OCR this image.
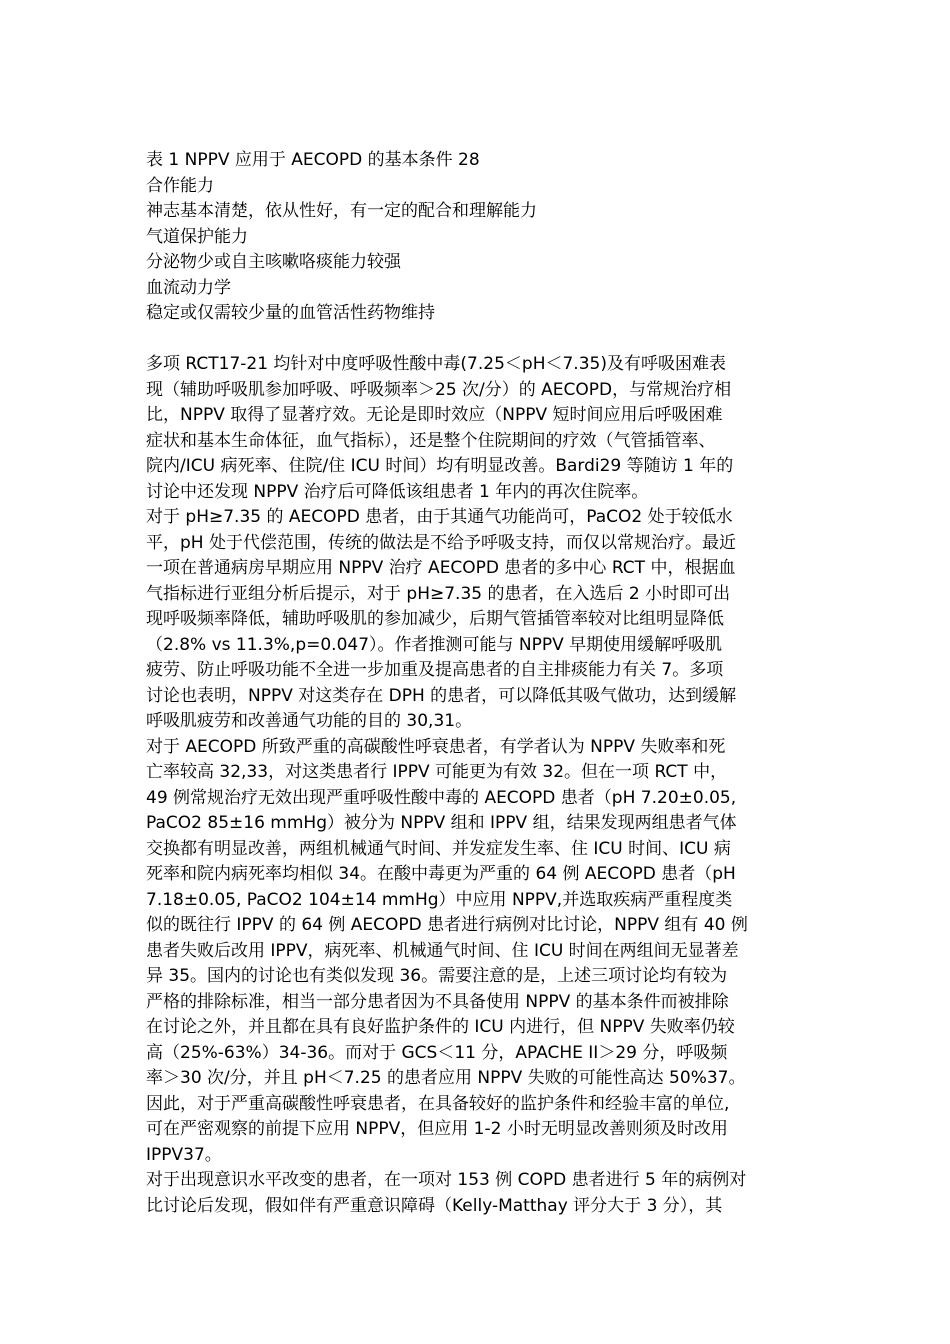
表 1 NPPV 应用于 AECOPD 的基本条件 28
合作能力
神志基本清楚，依从性好，有一定的配合和理解能力
气道保护能力
分泌物少或自主咳嗽咯痰能力较强
血流动力学
稳定或仅需较少量的血管活性药物维持
多项 RCT17-21 均针对中度呼吸性酸中毒(7.25＜pH＜7.35)及有呼吸困难表
现（辅助呼吸肌参加呼吸、呼吸频率＞25 次/分）的 AECOPD，与常规治疗相
比，NPPV 取得了显著疗效。无论是即时效应（NPPV 短时间应用后呼吸困难
症状和基本生命体征，血气指标），还是整个住院期间的疗效（气管插管率、
院内/ICU 病死率、住院/住 ICU 时间）均有明显改善。Bardi29 等随访 1 年的
讨论中还发现 NPPV 治疗后可降低该组患者 1 年内的再次住院率。
对于 pH≥7.35 的 AECOPD 患者，由于其通气功能尚可，PaCO2 处于较低水
平，pH 处于代偿范围，传统的做法是不给予呼吸支持，而仅以常规治疗。最近
一项在普通病房早期应用 NPPV 治疗 AECOPD 患者的多中心 RCT 中，根据血
气指标进行亚组分析后提示，对于 pH≥7.35 的患者，在入选后 2 小时即可出
现呼吸频率降低，辅助呼吸肌的参加减少，后期气管插管率较对比组明显降低
（2.8% vs 11.3%,p=0.047）。作者推测可能与 NPPV 早期使用缓解呼吸肌
疲劳、防止呼吸功能不全进一步加重及提高患者的自主排痰能力有关 7。多项
讨论也表明，NPPV 对这类存在 DPH 的患者，可以降低其吸气做功，达到缓解
呼吸肌疲劳和改善通气功能的目的 30,31。
对于 AECOPD 所致严重的高碳酸性呼衰患者，有学者认为 NPPV 失败率和死
亡率较高 32,33，对这类患者行 IPPV 可能更为有效 32。但在一项 RCT 中，
49 例常规治疗无效出现严重呼吸性酸中毒的 AECOPD 患者（pH 7.20±0.05,
PaCO2 85±16 mmHg）被分为 NPPV 组和 IPPV 组，结果发现两组患者气体
交换都有明显改善，两组机械通气时间、并发症发生率、住 ICU 时间、ICU 病
死率和院内病死率均相似 34。在酸中毒更为严重的 64 例 AECOPD 患者（pH
7.18±0.05, PaCO2 104±14 mmHg）中应用 NPPV,并选取疾病严重程度类
似的既往行 IPPV 的 64 例 AECOPD 患者进行病例对比讨论，NPPV 组有 40 例
患者失败后改用 IPPV，病死率、机械通气时间、住 ICU 时间在两组间无显著差
异 35。国内的讨论也有类似发现 36。需要注意的是，上述三项讨论均有较为
严格的排除标准，相当一部分患者因为不具备使用 NPPV 的基本条件而被排除
在讨论之外，并且都在具有良好监护条件的 ICU 内进行，但 NPPV 失败率仍较
高（25%-63%）34-36。而对于 GCS＜11 分，APACHE II＞29 分，呼吸频
率＞30 次/分，并且 pH＜7.25 的患者应用 NPPV 失败的可能性高达 50%37。
因此，对于严重高碳酸性呼衰患者，在具备较好的监护条件和经验丰富的单位,
可在严密观察的前提下应用 NPPV，但应用 1-2 小时无明显改善则须及时改用
IPPV37。
对于出现意识水平改变的患者，在一项对 153 例 COPD 患者进行 5 年的病例对
比讨论后发现，假如伴有严重意识障碍（Kelly-Matthay 评分大于 3 分），其
